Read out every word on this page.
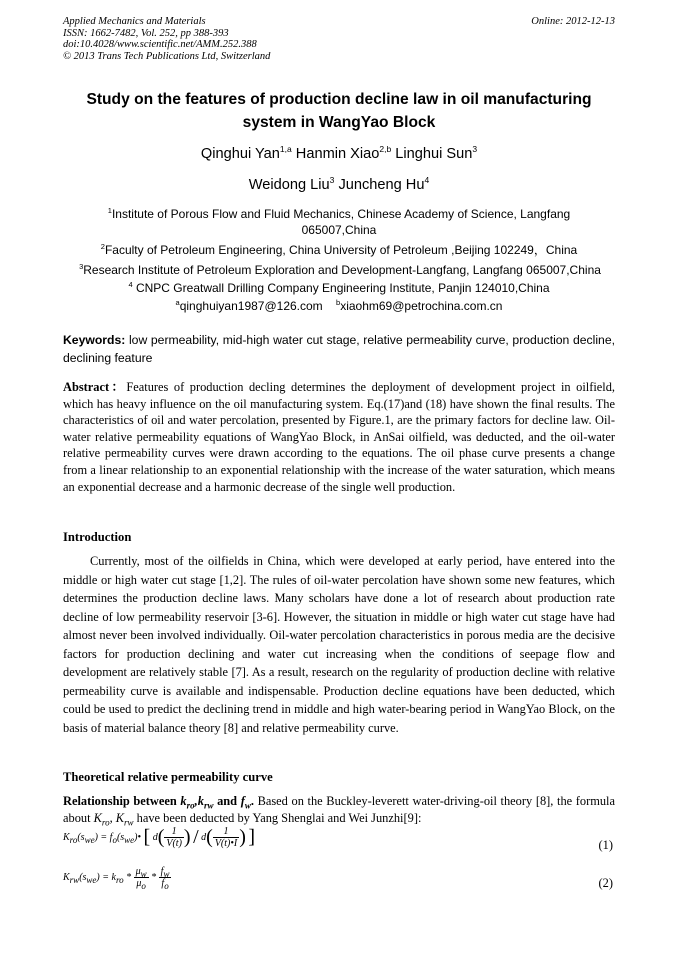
Applied Mechanics and Materials
ISSN: 1662-7482, Vol. 252, pp 388-393
doi:10.4028/www.scientific.net/AMM.252.388
© 2013 Trans Tech Publications Ltd, Switzerland
Online: 2012-12-13
Study on the features of production decline law in oil manufacturing
system in WangYao Block
Qinghui Yan$^{1,a}$ Hanmin Xiao$^{2,b}$ Linghui Sun$^3$
Weidong Liu$^3$ Juncheng Hu$^4$
$^1$Institute of Porous Flow and Fluid Mechanics, Chinese Academy of Science, Langfang
065007,China
$^2$Faculty of Petroleum Engineering, China University of Petroleum ,Beijing 102249，China
$^3$Research Institute of Petroleum Exploration and Development-Langfang, Langfang 065007,China
$^4$ CNPC Greatwall Drilling Company Engineering Institute, Panjin 124010,China
$^a$qinghuiyan1987@126.com $^b$xiaohm69@petrochina.com.cn
Keywords: low permeability, mid-high water cut stage, relative permeability curve, production decline, declining feature
Abstract：Features of production decling determines the deployment of development project in oilfield, which has heavy influence on the oil manufacturing system. Eq.(17)and (18) have shown the final results. The characteristics of oil and water percolation, presented by Figure.1, are the primary factors for decline law. Oil-water relative permeability equations of WangYao Block, in AnSai oilfield, was deducted, and the oil-water relative permeability curves were drawn according to the equations. The oil phase curve presents a change from a linear relationship to an exponential relationship with the increase of the water saturation, which means an exponential decrease and a harmonic decrease of the single well production.
Introduction
Currently, most of the oilfields in China, which were developed at early period, have entered into the middle or high water cut stage [1,2]. The rules of oil-water percolation have shown some new features, which determines the production decline laws. Many scholars have done a lot of research about production rate decline of low permeability reservoir [3-6]. However, the situation in middle or high water cut stage have had almost never been involved individually. Oil-water percolation characteristics in porous media are the decisive factors for production declining and water cut increasing when the conditions of seepage flow and development are relatively stable [7]. As a result, research on the regularity of production decline with relative permeability curve is available and indispensable. Production decline equations have been deducted, which could be used to predict the declining trend in middle and high water-bearing period in WangYao Block, on the basis of material balance theory [8] and relative permeability curve.
Theoretical relative permeability curve
Relationship between $k_{ro},k_{rw}$ and $f_w$. Based on the Buckley-leverett water-driving-oil theory [8], the formula about $K_{ro}$, $K_{rw}$ have been deducted by Yang Shenglai and Wei Junzhi[9]:
$K_{ro}(s_{we})$ = $f_o(s_{we})•$ [ $d( \frac{1}{V(t)}$ ) / $d( \frac{1}{V(t)•I}$ ) ]	(1)
$K_{rw}(s_{we}) = k_{ro} * \frac{\mu_w}{\mu_o} * \frac{f_w}{f_o}$	(2)
